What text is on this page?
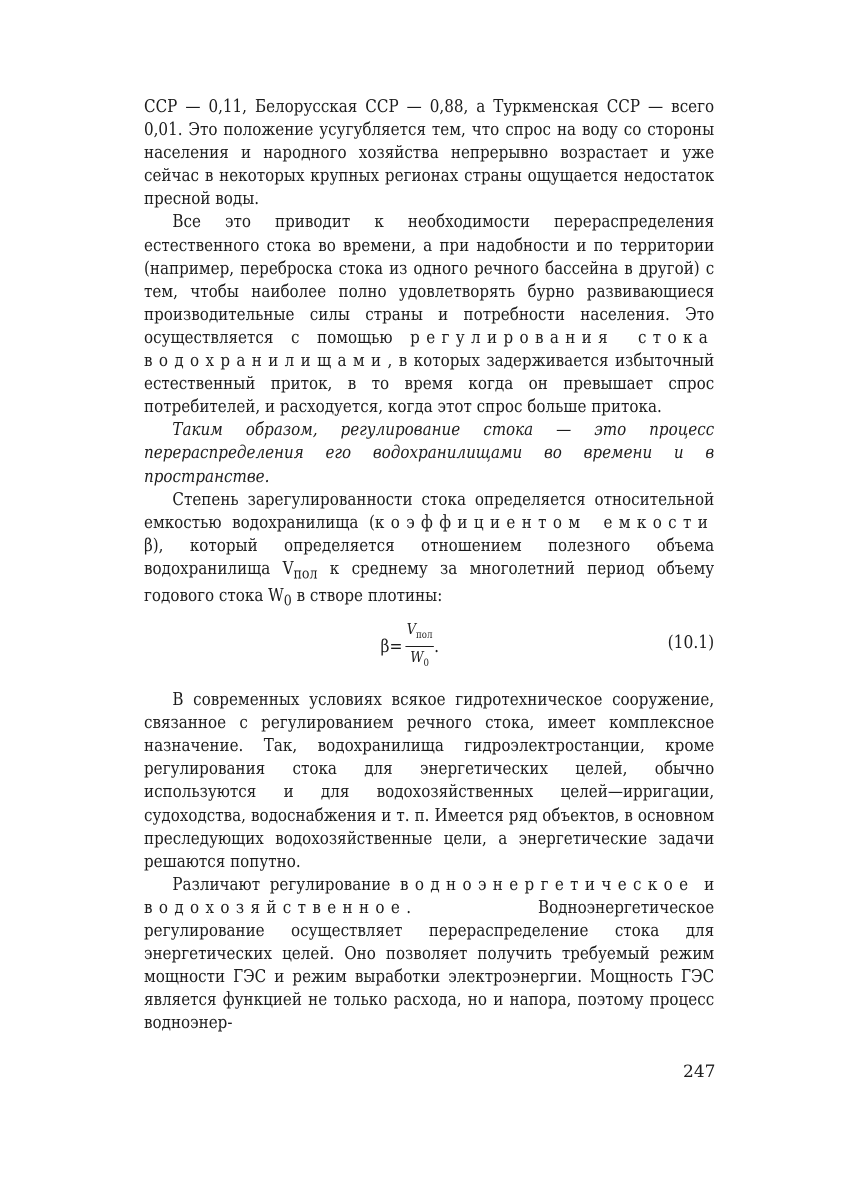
ССР — 0,11, Белорусская ССР — 0,88, а Туркменская ССР — всего 0,01. Это положение усугубляется тем, что спрос на воду со стороны населения и народного хозяйства непрерывно возрастает и уже сейчас в некоторых крупных регионах страны ощущается недостаток пресной воды.

Все это приводит к необходимости перераспределения естественного стока во времени, а при надобности и по территории (например, переброска стока из одного речного бассейна в другой) с тем, чтобы наиболее полно удовлетворять бурно развивающиеся производительные силы страны и потребности населения. Это осуществляется с помощью регулирования стока водохранилищами, в которых задерживается избыточный естественный приток, в то время когда он превышает спрос потребителей, и расходуется, когда этот спрос больше притока.

Таким образом, регулирование стока — это процесс перераспределения его водохранилищами во времени и в пространстве.

Степень зарегулированности стока определяется относительной емкостью водохранилища (коэффициентом емкости β), который определяется отношением полезного объема водохранилища $V_{пол}$ к среднему за многолетний период объему годового стока $W_0$ в створе плотины:

$\beta = \frac{V_{пол}}{W_0}$ .	(10.1)

В современных условиях всякое гидротехническое сооружение, связанное с регулированием речного стока, имеет комплексное назначение. Так, водохранилища гидроэлектростанции, кроме регулирования стока для энергетических целей, обычно используются и для водохозяйственных целей—ирригации, судоходства, водоснабжения и т. п. Имеется ряд объектов, в основном преследующих водохозяйственные цели, а энергетические задачи решаются попутно.

Различают регулирование водноэнергетическое и водохозяйственное. Водноэнергетическое регулирование осуществляет перераспределение стока для энергетических целей. Оно позволяет получить требуемый режим мощности ГЭС и режим выработки электроэнергии. Мощность ГЭС является функцией не только расхода, но и напора, поэтому процесс водноэнер-

247
